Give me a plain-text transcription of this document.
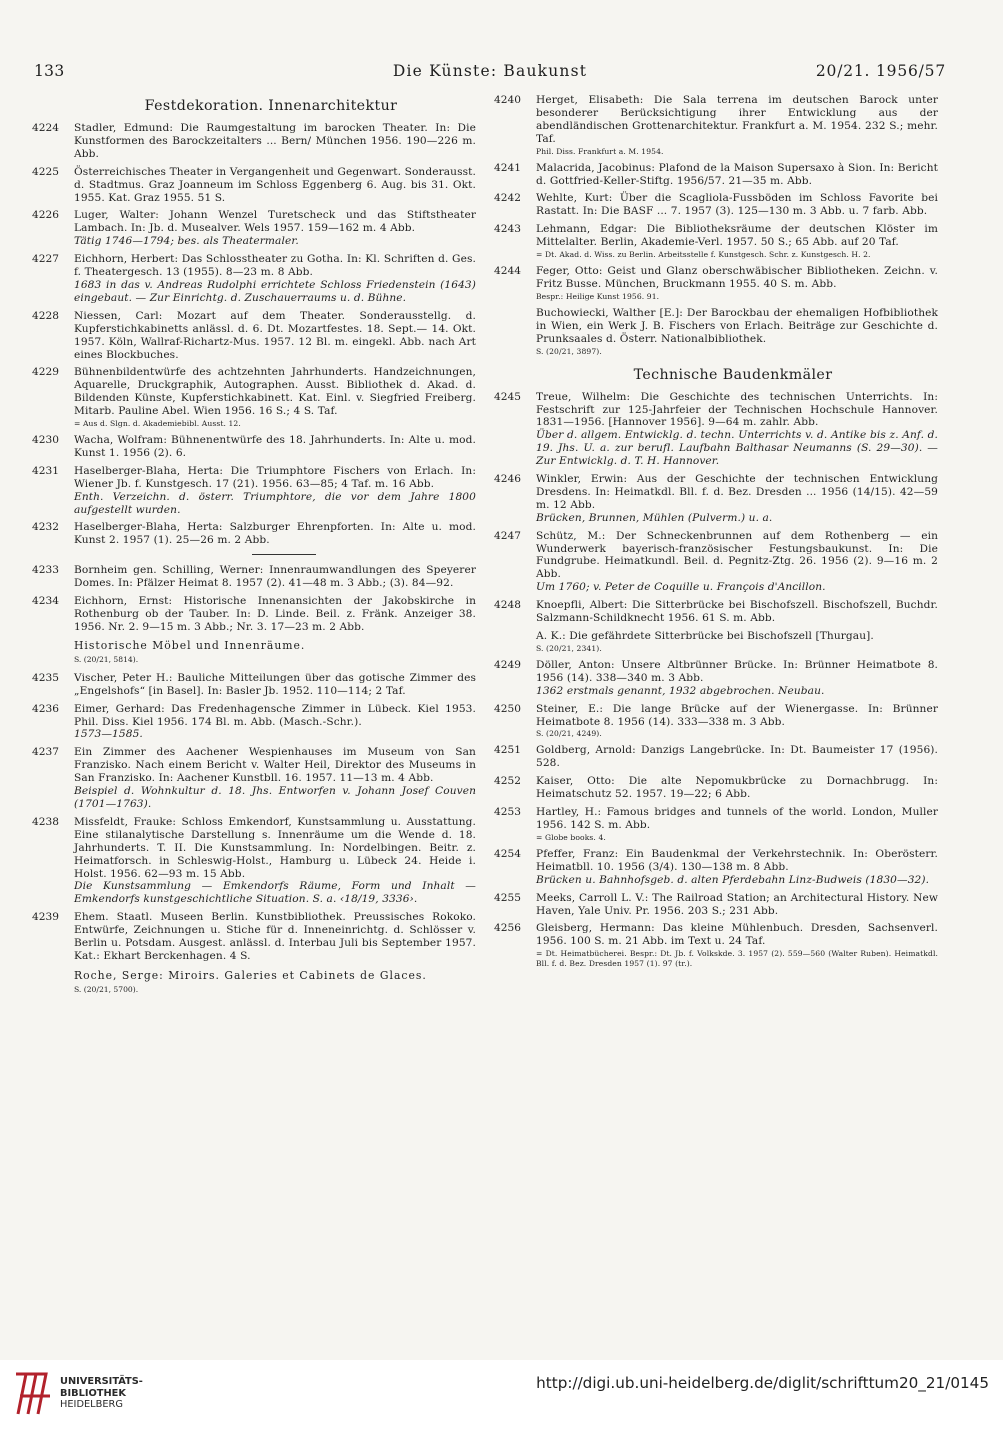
133	Die Künste: Baukunst	20/21. 1956/57
Festdekoration. Innenarchitektur
4224 Stadler, Edmund: Die Raumgestaltung im barocken Theater. In: Die Kunstformen des Barockzeitalters ... Bern/ München 1956. 190—226 m. Abb.
4225 Österreichisches Theater in Vergangenheit und Gegenwart. Sonderausst. d. Stadtmus. Graz Joanneum im Schloss Eggenberg 6. Aug. bis 31. Okt. 1955. Kat. Graz 1955. 51 S.
4226 Luger, Walter: Johann Wenzel Turetscheck und das Stiftstheater Lambach. In: Jb. d. Musealver. Wels 1957. 159—162 m. 4 Abb.
Tätig 1746—1794; bes. als Theatermaler.
4227 Eichhorn, Herbert: Das Schlosstheater zu Gotha. In: Kl. Schriften d. Ges. f. Theatergesch. 13 (1955). 8—23 m. 8 Abb.
1683 in das v. Andreas Rudolphi errichtete Schloss Friedenstein (1643) eingebaut. — Zur Einrichtg. d. Zuschauerraums u. d. Bühne.
4228 Niessen, Carl: Mozart auf dem Theater. Sonderausstellg. d. Kupferstichkabinetts anlässl. d. 6. Dt. Mozartfestes. 18. Sept.— 14. Okt. 1957. Köln, Wallraf-Richartz-Mus. 1957. 12 Bl. m. eingekl. Abb. nach Art eines Blockbuches.
4229 Bühnenbildentwürfe des achtzehnten Jahrhunderts. Handzeichnungen, Aquarelle, Druckgraphik, Autographen. Ausst. Bibliothek d. Akad. d. Bildenden Künste, Kupferstichkabinett. Kat. Einl. v. Siegfried Freiberg. Mitarb. Pauline Abel. Wien 1956. 16 S.; 4 S. Taf.
= Aus d. Slgn. d. Akademiebibl. Ausst. 12.
4230 Wacha, Wolfram: Bühnenentwürfe des 18. Jahrhunderts. In: Alte u. mod. Kunst 1. 1956 (2). 6.
4231 Haselberger-Blaha, Herta: Die Triumphtore Fischers von Erlach. In: Wiener Jb. f. Kunstgesch. 17 (21). 1956. 63—85; 4 Taf. m. 16 Abb.
Enth. Verzeichn. d. österr. Triumphtore, die vor dem Jahre 1800 aufgestellt wurden.
4232 Haselberger-Blaha, Herta: Salzburger Ehrenpforten. In: Alte u. mod. Kunst 2. 1957 (1). 25—26 m. 2 Abb.
4233 Bornheim gen. Schilling, Werner: Innenraumwandlungen des Speyerer Domes. In: Pfälzer Heimat 8. 1957 (2). 41—48 m. 3 Abb.; (3). 84—92.
4234 Eichhorn, Ernst: Historische Innenansichten der Jakobskirche in Rothenburg ob der Tauber. In: D. Linde. Beil. z. Fränk. Anzeiger 38. 1956. Nr. 2. 9—15 m. 3 Abb.; Nr. 3. 17—23 m. 2 Abb.
Historische Möbel und Innenräume.
S. (20/21, 5814).
4235 Vischer, Peter H.: Bauliche Mitteilungen über das gotische Zimmer des „Engelshofs“ [in Basel]. In: Basler Jb. 1952. 110—114; 2 Taf.
4236 Eimer, Gerhard: Das Fredenhagensche Zimmer in Lübeck. Kiel 1953. Phil. Diss. Kiel 1956. 174 Bl. m. Abb. (Masch.-Schr.).
1573—1585.
4237 Ein Zimmer des Aachener Wespienhauses im Museum von San Franzisko. Nach einem Bericht v. Walter Heil, Direktor des Museums in San Franzisko. In: Aachener Kunstbll. 16. 1957. 11—13 m. 4 Abb.
Beispiel d. Wohnkultur d. 18. Jhs. Entworfen v. Johann Josef Couven (1701—1763).
4238 Missfeldt, Frauke: Schloss Emkendorf, Kunstsammlung u. Ausstattung. Eine stilanalytische Darstellung s. Innenräume um die Wende d. 18. Jahrhunderts. T. II. Die Kunstsammlung. In: Nordelbingen. Beitr. z. Heimatforsch. in Schleswig-Holst., Hamburg u. Lübeck 24. Heide i. Holst. 1956. 62—93 m. 15 Abb.
Die Kunstsammlung — Emkendorfs Räume, Form und Inhalt — Emkendorfs kunstgeschichtliche Situation. S. a. ‹18/19, 3336›.
4239 Ehem. Staatl. Museen Berlin. Kunstbibliothek. Preussisches Rokoko. Entwürfe, Zeichnungen u. Stiche für d. Inneneinrichtg. d. Schlösser v. Berlin u. Potsdam. Ausgest. anlässl. d. Interbau Juli bis September 1957. Kat.: Ekhart Berckenhagen. 4 S.
Roche, Serge: Miroirs. Galeries et Cabinets de Glaces.
S. (20/21, 5700).
4240 Herget, Elisabeth: Die Sala terrena im deutschen Barock unter besonderer Berücksichtigung ihrer Entwicklung aus der abendländischen Grottenarchitektur. Frankfurt a. M. 1954. 232 S.; mehr. Taf.
Phil. Diss. Frankfurt a. M. 1954.
4241 Malacrida, Jacobinus: Plafond de la Maison Supersaxo à Sion. In: Bericht d. Gottfried-Keller-Stiftg. 1956/57. 21—35 m. Abb.
4242 Wehlte, Kurt: Über die Scagliola-Fussböden im Schloss Favorite bei Rastatt. In: Die BASF ... 7. 1957 (3). 125—130 m. 3 Abb. u. 7 farb. Abb.
4243 Lehmann, Edgar: Die Bibliotheksräume der deutschen Klöster im Mittelalter. Berlin, Akademie-Verl. 1957. 50 S.; 65 Abb. auf 20 Taf.
= Dt. Akad. d. Wiss. zu Berlin. Arbeitsstelle f. Kunstgesch. Schr. z. Kunstgesch. H. 2.
4244 Feger, Otto: Geist und Glanz oberschwäbischer Bibliotheken. Zeichn. v. Fritz Busse. München, Bruckmann 1955. 40 S. m. Abb.
Bespr.: Heilige Kunst 1956. 91.
Buchowiecki, Walther [E.]: Der Barockbau der ehemaligen Hofbibliothek in Wien, ein Werk J. B. Fischers von Erlach. Beiträge zur Geschichte d. Prunksaales d. Österr. Nationalbibliothek.
S. (20/21, 3897).
Technische Baudenkmäler
4245 Treue, Wilhelm: Die Geschichte des technischen Unterrichts. In: Festschrift zur 125-Jahrfeier der Technischen Hochschule Hannover. 1831—1956. [Hannover 1956]. 9—64 m. zahlr. Abb.
Über d. allgem. Entwicklg. d. techn. Unterrichts v. d. Antike bis z. Anf. d. 19. Jhs. U. a. zur berufl. Laufbahn Balthasar Neumanns (S. 29—30). — Zur Entwicklg. d. T. H. Hannover.
4246 Winkler, Erwin: Aus der Geschichte der technischen Entwicklung Dresdens. In: Heimatkdl. Bll. f. d. Bez. Dresden ... 1956 (14/15). 42—59 m. 12 Abb.
Brücken, Brunnen, Mühlen (Pulverm.) u. a.
4247 Schütz, M.: Der Schneckenbrunnen auf dem Rothenberg — ein Wunderwerk bayerisch-französischer Festungsbaukunst. In: Die Fundgrube. Heimatkundl. Beil. d. Pegnitz-Ztg. 26. 1956 (2). 9—16 m. 2 Abb.
Um 1760; v. Peter de Coquille u. François d'Ancillon.
4248 Knoepfli, Albert: Die Sitterbrücke bei Bischofszell. Bischofszell, Buchdr. Salzmann-Schildknecht 1956. 61 S. m. Abb.
A. K.: Die gefährdete Sitterbrücke bei Bischofszell [Thurgau].
S. (20/21, 2341).
4249 Döller, Anton: Unsere Altbrünner Brücke. In: Brünner Heimatbote 8. 1956 (14). 338—340 m. 3 Abb.
1362 erstmals genannt, 1932 abgebrochen. Neubau.
4250 Steiner, E.: Die lange Brücke auf der Wienergasse. In: Brünner Heimatbote 8. 1956 (14). 333—338 m. 3 Abb.
S. (20/21, 4249).
4251 Goldberg, Arnold: Danzigs Langebrücke. In: Dt. Baumeister 17 (1956). 528.
4252 Kaiser, Otto: Die alte Nepomukbrücke zu Dornachbrugg. In: Heimatschutz 52. 1957. 19—22; 6 Abb.
4253 Hartley, H.: Famous bridges and tunnels of the world. London, Muller 1956. 142 S. m. Abb.
= Globe books. 4.
4254 Pfeffer, Franz: Ein Baudenkmal der Verkehrstechnik. In: Oberösterr. Heimatbll. 10. 1956 (3/4). 130—138 m. 8 Abb.
Brücken u. Bahnhofsgeb. d. alten Pferdebahn Linz-Budweis (1830—32).
4255 Meeks, Carroll L. V.: The Railroad Station; an Architectural History. New Haven, Yale Univ. Pr. 1956. 203 S.; 231 Abb.
4256 Gleisberg, Hermann: Das kleine Mühlenbuch. Dresden, Sachsenverl. 1956. 100 S. m. 21 Abb. im Text u. 24 Taf.
= Dt. Heimatbücherei. Bespr.: Dt. Jb. f. Volkskde. 3. 1957 (2). 559—560 (Walter Ruben). Heimatkdl. Bll. f. d. Bez. Dresden 1957 (1). 97 (tr.).
UNIVERSITÄTS-
BIBLIOTHEK
HEIDELBERG
http://digi.ub.uni-heidelberg.de/diglit/schrifttum20_21/0145
